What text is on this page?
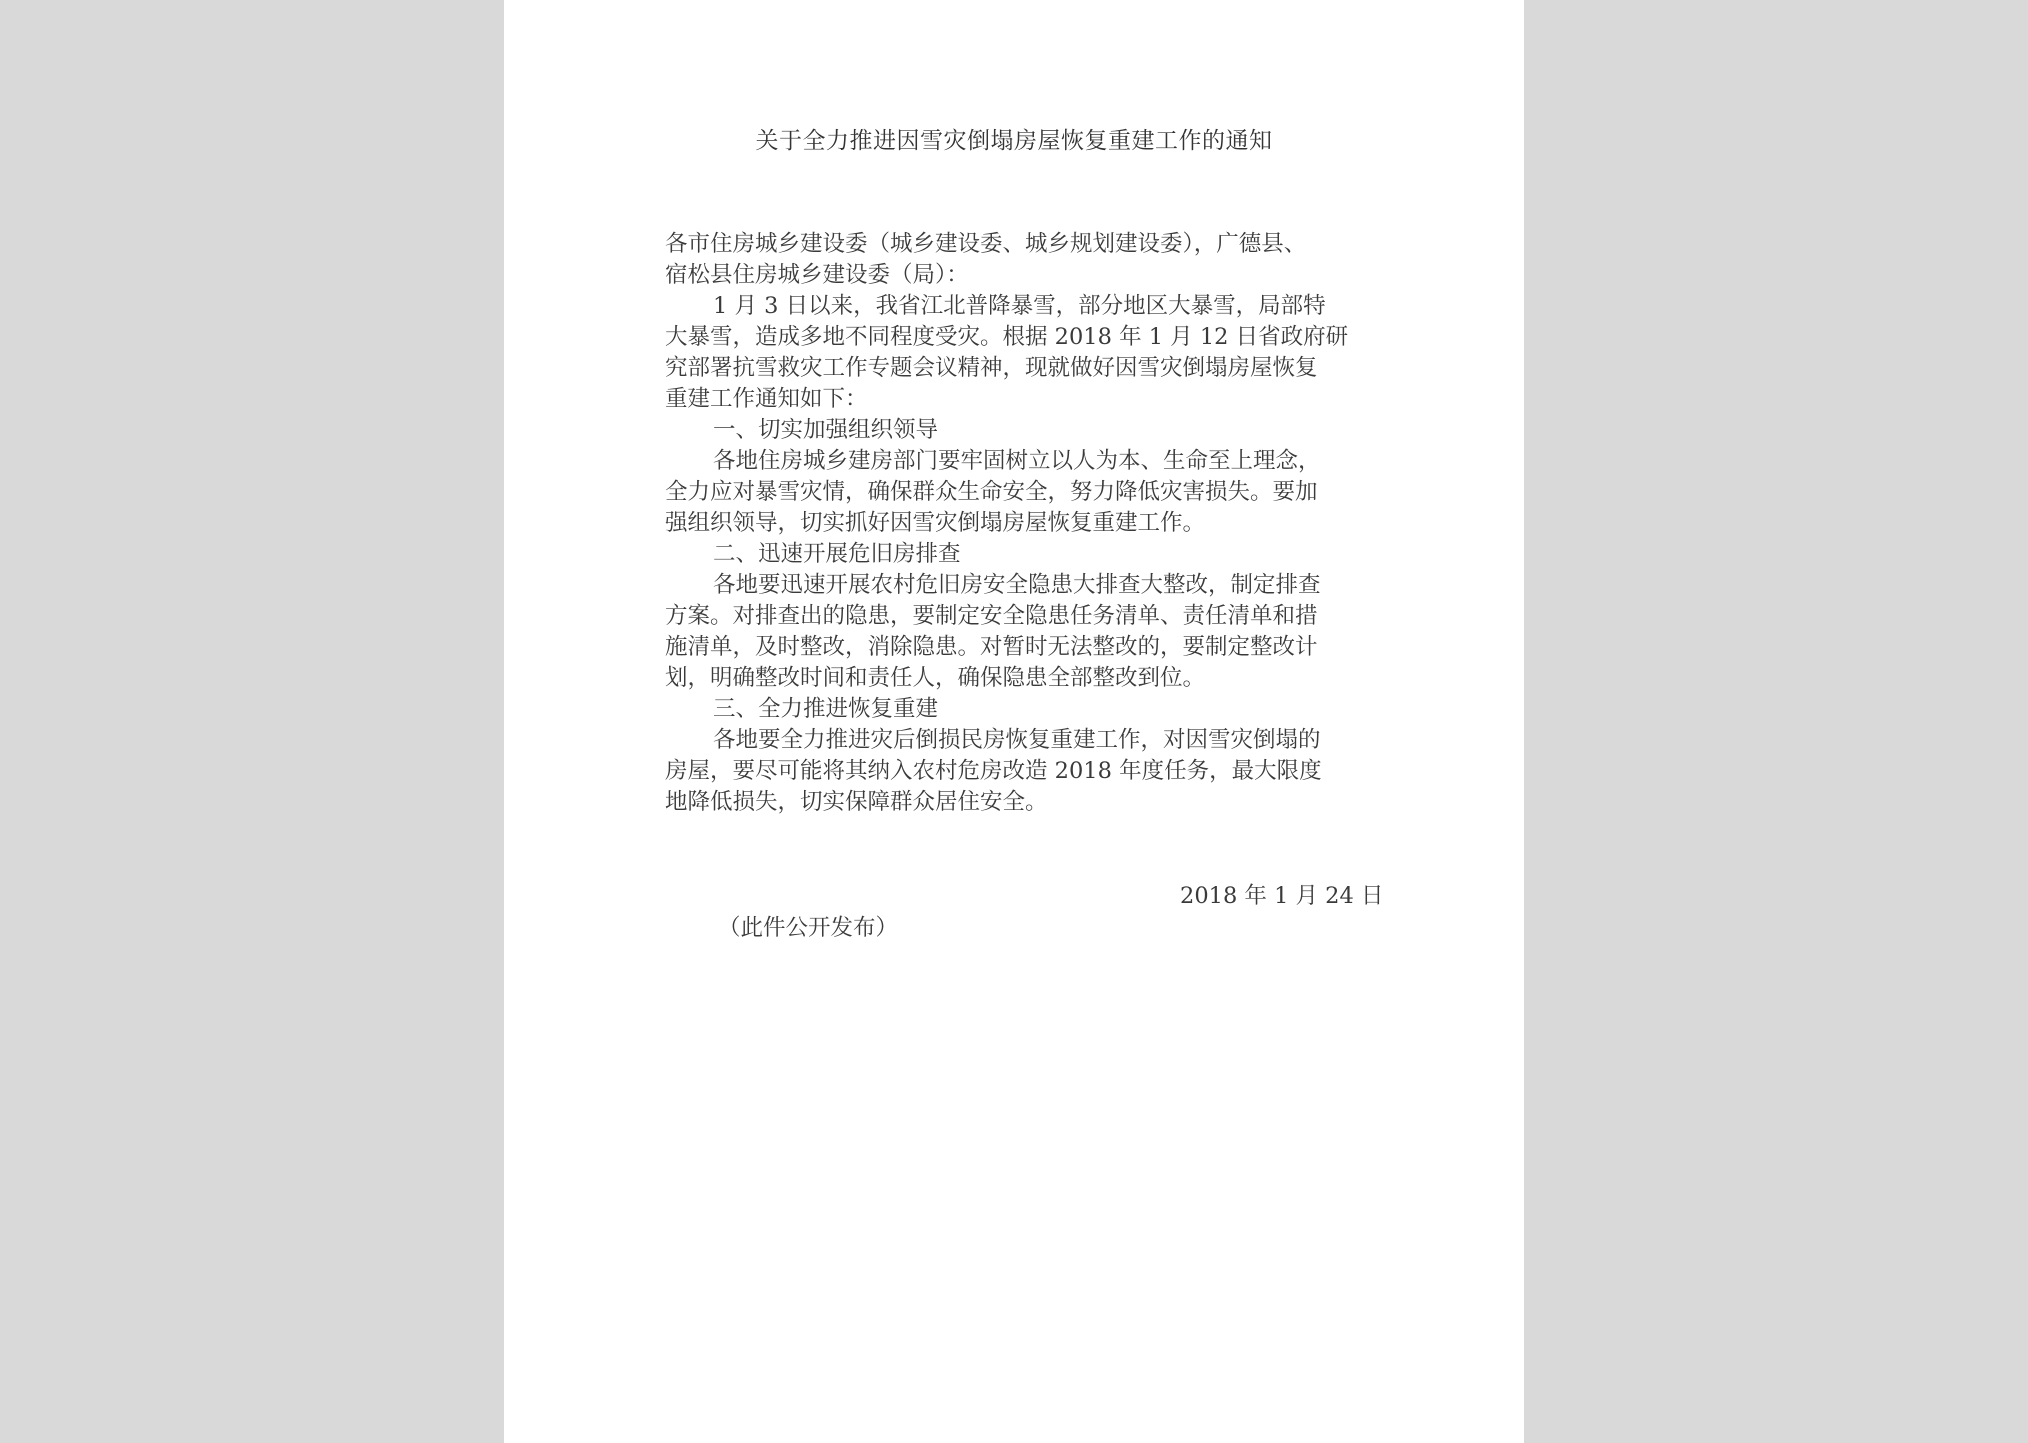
关于全力推进因雪灾倒塌房屋恢复重建工作的通知
各市住房城乡建设委（城乡建设委、城乡规划建设委），广德县、
宿松县住房城乡建设委（局）：
1 月 3 日以来，我省江北普降暴雪，部分地区大暴雪，局部特
大暴雪，造成多地不同程度受灾。根据 2018 年 1 月 12 日省政府研
究部署抗雪救灾工作专题会议精神，现就做好因雪灾倒塌房屋恢复
重建工作通知如下：
一、切实加强组织领导
各地住房城乡建房部门要牢固树立以人为本、生命至上理念，
全力应对暴雪灾情，确保群众生命安全，努力降低灾害损失。要加
强组织领导，切实抓好因雪灾倒塌房屋恢复重建工作。
二、迅速开展危旧房排查
各地要迅速开展农村危旧房安全隐患大排查大整改，制定排查
方案。对排查出的隐患，要制定安全隐患任务清单、责任清单和措
施清单，及时整改，消除隐患。对暂时无法整改的，要制定整改计
划，明确整改时间和责任人，确保隐患全部整改到位。
三、全力推进恢复重建
各地要全力推进灾后倒损民房恢复重建工作，对因雪灾倒塌的
房屋，要尽可能将其纳入农村危房改造 2018 年度任务，最大限度
地降低损失，切实保障群众居住安全。
2018 年 1 月 24 日
（此件公开发布）
